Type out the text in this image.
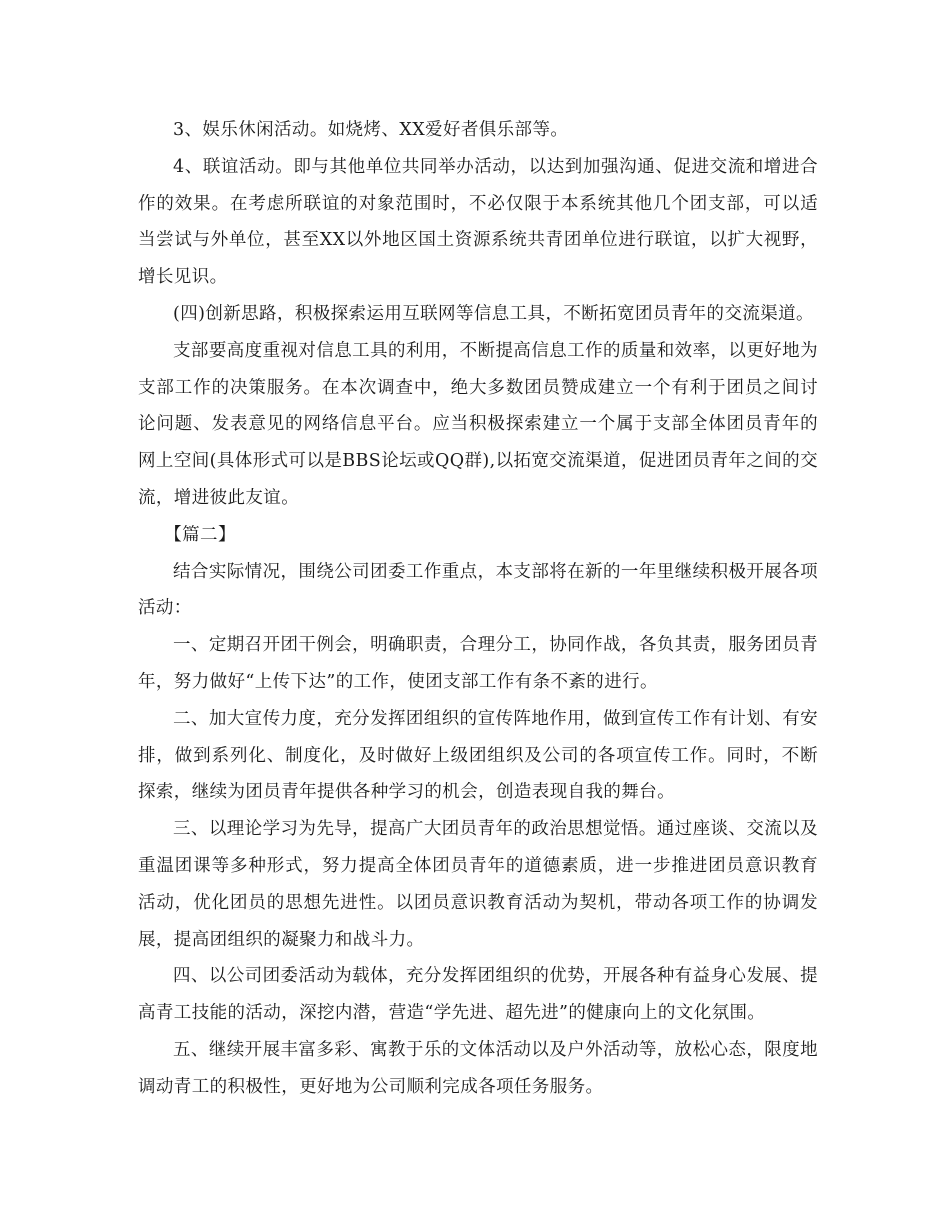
3、娱乐休闲活动。如烧烤、XX爱好者俱乐部等。

4、联谊活动。即与其他单位共同举办活动，以达到加强沟通、促进交流和增进合作的效果。在考虑所联谊的对象范围时，不必仅限于本系统其他几个团支部，可以适当尝试与外单位，甚至XX以外地区国土资源系统共青团单位进行联谊，以扩大视野，增长见识。

(四)创新思路，积极探索运用互联网等信息工具，不断拓宽团员青年的交流渠道。

支部要高度重视对信息工具的利用，不断提高信息工作的质量和效率，以更好地为支部工作的决策服务。在本次调查中，绝大多数团员赞成建立一个有利于团员之间讨论问题、发表意见的网络信息平台。应当积极探索建立一个属于支部全体团员青年的网上空间(具体形式可以是BBS论坛或QQ群),以拓宽交流渠道，促进团员青年之间的交流，增进彼此友谊。

【篇二】

结合实际情况，围绕公司团委工作重点，本支部将在新的一年里继续积极开展各项活动：

一、定期召开团干例会，明确职责，合理分工，协同作战，各负其责，服务团员青年，努力做好“上传下达”的工作，使团支部工作有条不紊的进行。

二、加大宣传力度，充分发挥团组织的宣传阵地作用，做到宣传工作有计划、有安排，做到系列化、制度化，及时做好上级团组织及公司的各项宣传工作。同时，不断探索，继续为团员青年提供各种学习的机会，创造表现自我的舞台。

三、以理论学习为先导，提高广大团员青年的政治思想觉悟。通过座谈、交流以及重温团课等多种形式，努力提高全体团员青年的道德素质，进一步推进团员意识教育活动，优化团员的思想先进性。以团员意识教育活动为契机，带动各项工作的协调发展，提高团组织的凝聚力和战斗力。

四、以公司团委活动为载体，充分发挥团组织的优势，开展各种有益身心发展、提高青工技能的活动，深挖内潜，营造“学先进、超先进”的健康向上的文化氛围。

五、继续开展丰富多彩、寓教于乐的文体活动以及户外活动等，放松心态，限度地调动青工的积极性，更好地为公司顺利完成各项任务服务。
